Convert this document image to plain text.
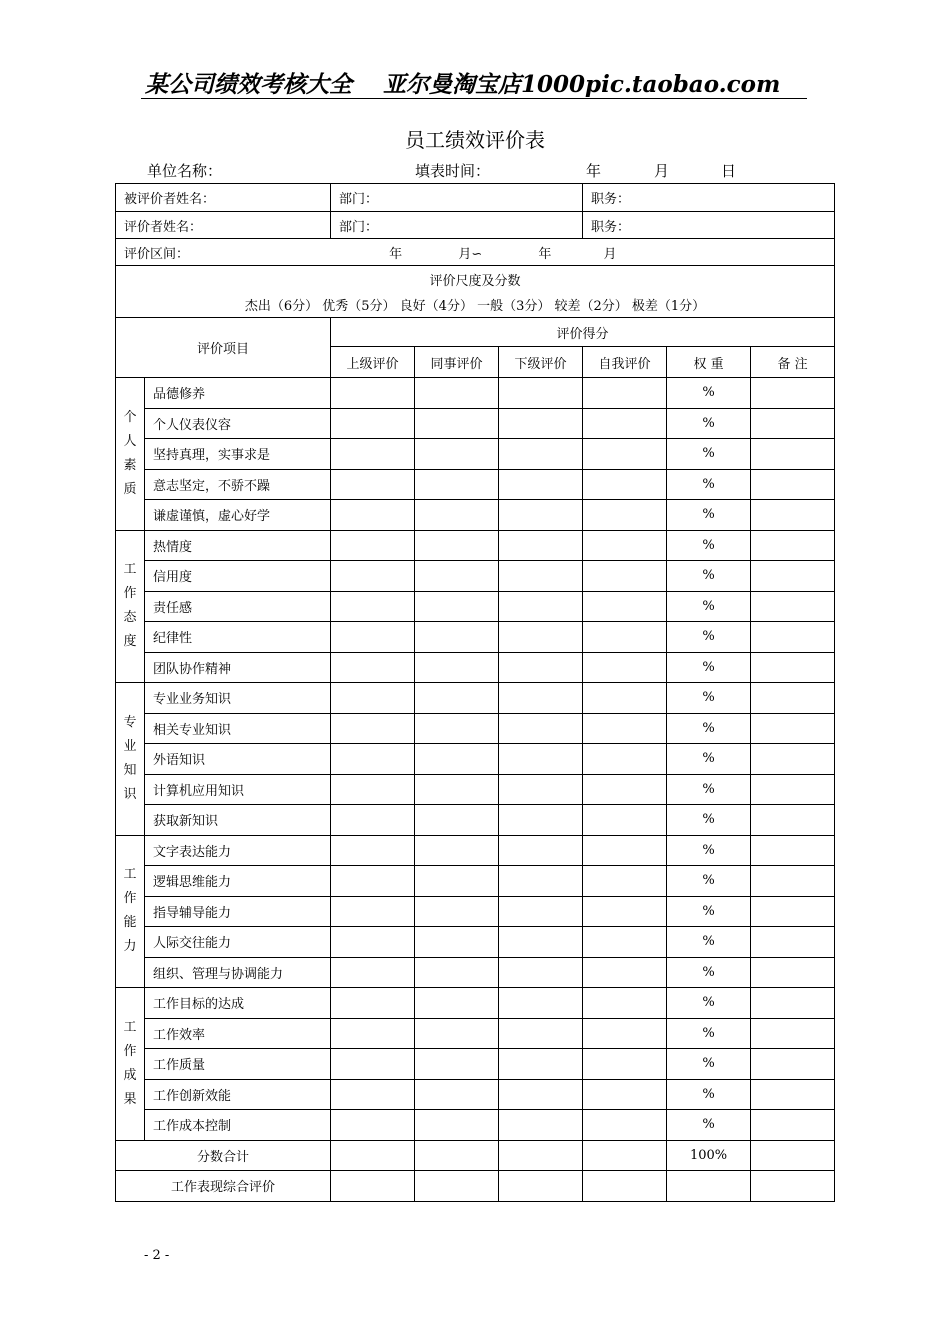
某公司绩效考核大全　 亚尔曼淘宝店1000pic.taobao.com
员工绩效评价表
单位名称：	填表时间：	年	月	日
被评价者姓名：		部门：			职务：		
评价者姓名：		部门：			职务：		
评价区间： 年 月∽ 年 月							

评价尺度及分数
杰出（6分） 优秀（5分） 良好（4分） 一般（3分） 较差（2分） 极差（1分）							

评价项目		评价得分					
		上级评价	同事评价	下级评价	自我评价	权 重	备 注

个
人
素
质	品德修养					%	
	个人仪表仪容					%	
	坚持真理，实事求是					%	
	意志坚定，不骄不躁					%	
	谦虚谨慎，虚心好学					%	

工
作
态
度	热情度					%	
	信用度					%	
	责任感					%	
	纪律性					%	
	团队协作精神					%	

专
业
知
识	专业业务知识					%	
	相关专业知识					%	
	外语知识					%	
	计算机应用知识					%	
	获取新知识					%	

工
作
能
力	文字表达能力					%	
	逻辑思维能力					%	
	指导辅导能力					%	
	人际交往能力					%	
	组织、管理与协调能力					%	

工
作
成
果	工作目标的达成					%	
	工作效率					%	
	工作质量					%	
	工作创新效能					%	
	工作成本控制					%	
分数合计						100%	
工作表现综合评价							
- 2 -
